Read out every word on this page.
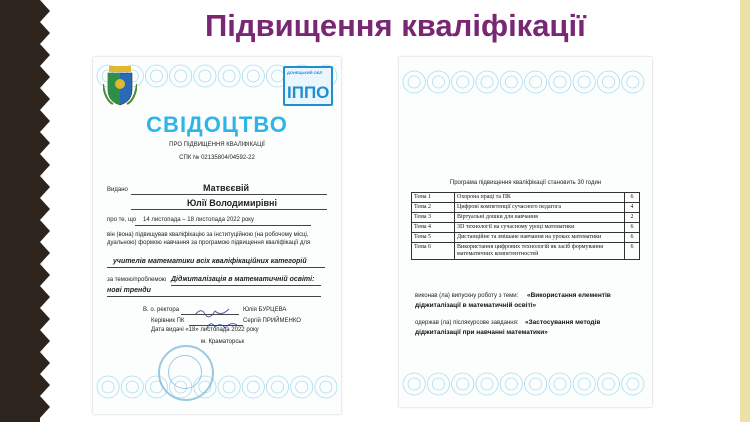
Підвищення кваліфікації
ДОНЕЦЬКИЙ ОБЛ
ІППО
СВІДОЦТВО
ПРО ПІДВИЩЕННЯ КВАЛІФІКАЦІЇ
СПК № 02135804/04592-22
Видано	Матвєєвій
Юлії Володимирівні
про те, що 14 листопада – 18 листопада 2022 року
він (вона) підвищував кваліфікацію за інституційною (на робочому місці,
дуальною) формою навчання за програмою підвищення кваліфікації для
учителів математики всіх кваліфікаційних категорій
за темою/проблемою Діджиталізація в математичній освіті:
нові тренди
В. о. ректора	Юлія БУРЦЕВА
Керівник ПК	Сергій ПРИЙМЕНКО
Дата видачі «18» листопада 2022 року
м. Краматорськ
Програма підвищення кваліфікації становить 30 годин
Тема 1	Охорона праці та ПК	6
Тема 2	Цифрові компетенції сучасного педагога	4
Тема 3	Віртуальні дошки для навчання	2
Тема 4	3D технології на сучасному уроці математики	6
Тема 5	Дистанційне та змішане навчання на уроках математики	6
Тема 6	Використання цифрових технологій як засіб формування математичних компетентностей	6
виконав (ла) випускну роботу з теми: «Використання елементів
діджиталізації в математичній освіті»
одержав (ла) післякурсове завдання: «Застосування методів
діджиталізації при навчанні математики»
